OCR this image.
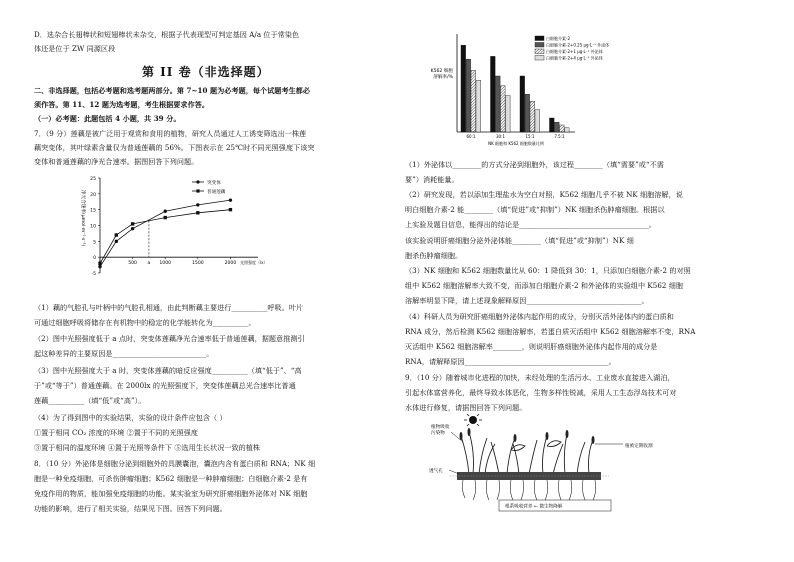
D．选杂合长翅棒状和短翅棒状未杂交，根据子代表现型可判定基因 A/a 位于常染色
体还是位于 ZW 同源区段
第 II 卷（非选择题）
二、非选择题，包括必考题和选考题两部分。第 7~10 题为必考题，每个试题考生都必
须作答。第 11、12 题为选考题，考生根据要求作答。
（一）必考题：此题包括 4 小题，共 39 分。
7．（9 分）莲藕是被广泛用于观赏和食用的植物，研究人员通过人工诱变筛选出一株莲
藕突变体，其叶绿素含量仅为普通莲藕的 56%。下图表示在 25℃时不同光照强度下该突
变体和普通莲藕的净光合速率。据图回答下列问题。
25
20
15
10
5
0
-5
500	1000	1500	2000
净光合速率(μmol·m⁻²·s⁻¹)
光照强度（lx）
a
突变体
普通莲藕
（1）藕的气腔孔与叶柄中的气腔孔相通，由此判断藕主要进行__________呼吸。叶片
可通过细胞呼吸将储存在有机物中的稳定的化学能转化为__________。
（2）图中光照强度低于 a 点时，突变体莲藕净光合速率低于普通莲藕，据题意推测引
起这种差异的主要原因是__________________________。
（3）图中光照强度大于 a 时，突变体莲藕的暗反应强度__________（填“低于”、“高
于”或“等于”）普通莲藕。在 2000lx 的光照强度下，突变体莲藕总光合速率比普通
莲藕__________（填“低”或“高”）。
（4）为了得到图中的实验结果，实验的设计条件应包含（ ）
①置于相同 CO₂ 浓度的环境 ②置于不同的光照强度
③置于相同的温度环境 ④置于光照等条件下 ⑤选用生长状况一致的植株
8．（10 分）外泌体是细胞分泌到细胞外的具膜囊泡，囊泡内含有蛋白质和 RNA；NK 细
胞是一种免疫细胞，可杀伤肿瘤细胞；K562 细胞是一种肿瘤细胞；白细胞介素-2 是有
免疫作用的物质，能加强免疫细胞的功能。某实验室为研究肝癌细胞外泌体对 NK 细胞
功能的影响，进行了相关实验，结果见下图。回答下列问题。
K562 细胞溶解率/%
60:1	30:1	15:1	7.5:1
NK 细胞和 K562 细胞数量比例
白细胞介素-2
白细胞介素-2+0.25 μg·L⁻¹ 外泌体
白细胞介素-2+1 μg·L⁻¹ 外泌体
白细胞介素-2+4 μg·L⁻¹ 外泌体
（1）外泌体以________的方式分泌到细胞外，该过程________（填“需要”或“不需
要”）消耗能量。
（2）研究发现，若以添加生理盐水为空白对照，K562 细胞几乎不被 NK 细胞溶解，说
明白细胞介素-2 能________（填“促进”或“抑制”）NK 细胞杀伤肿瘤细胞。根据以
上实验及题目信息，能得出的结论是____________________________________。
该实验说明肝癌细胞分泌外泌体能________（填“促进”或“抑制”）NK 细
胞杀伤肿瘤细胞。
（3）NK 细胞和 K562 细胞数量比从 60：1 降低到 30：1，只添加白细胞介素-2 的对照
组中 K562 细胞溶解率大致不变，而添加白细胞介素-2 和外泌体的实验组中 K562 细胞
溶解率明显下降，请上述现象解释原因________________________________。
（4）科研人员为研究肝癌细胞外泌体内起作用的成分，分别灭活外泌体内的蛋白质和
RNA 成分，然后检测 K562 细胞溶解率，若蛋白质灭活组中 K562 细胞溶解率不变，RNA
灭活组中 K562 细胞溶解率________，则说明肝癌细胞外泌体内起作用的成分是
RNA，请解释原因________________________________________。
9．（10 分）随着城市化进程的加快，未经处理的生活污水、工业废水直接进入湖泊，
引起水体富营养化，最终导致水体恶化，生物多样性锐减，采用人工生态浮岛技术可对
水体进行修复，请据图回答下列问题。
植物吸收污染物
植被定期收割
透气孔
根系吸收营养 ← 微生物降解
